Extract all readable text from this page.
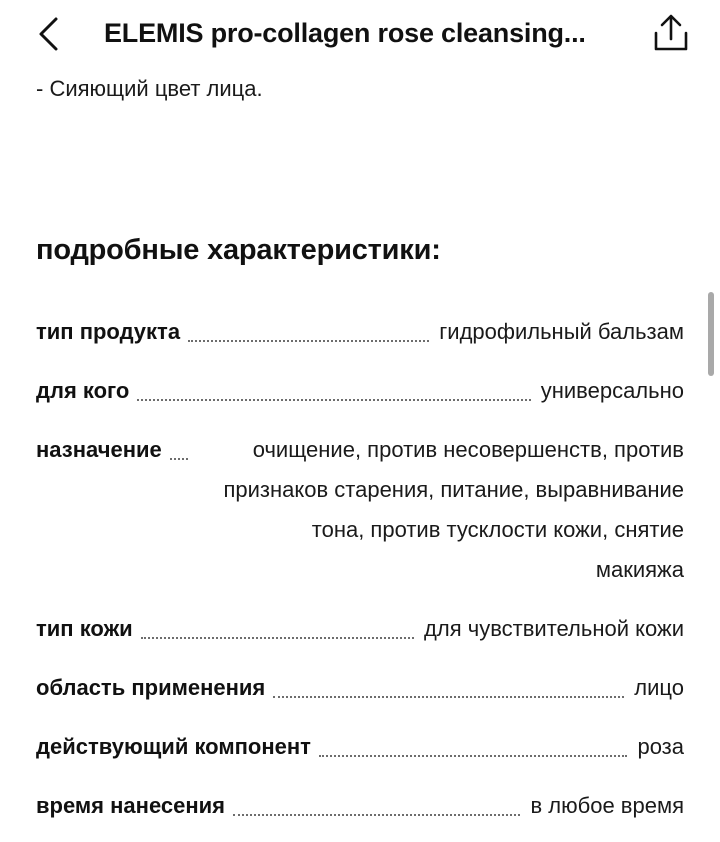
ELEMIS pro-collagen rose cleansing...
- Сияющий цвет лица.
подробные характеристики:
тип продукта	гидрофильный бальзам
для кого	универсально
назначение	очищение, против несовершенств, против признаков старения, питание, выравнивание тона, против тусклости кожи, снятие макияжа
тип кожи	для чувствительной кожи
область применения	лицо
действующий компонент	роза
время нанесения	в любое время
